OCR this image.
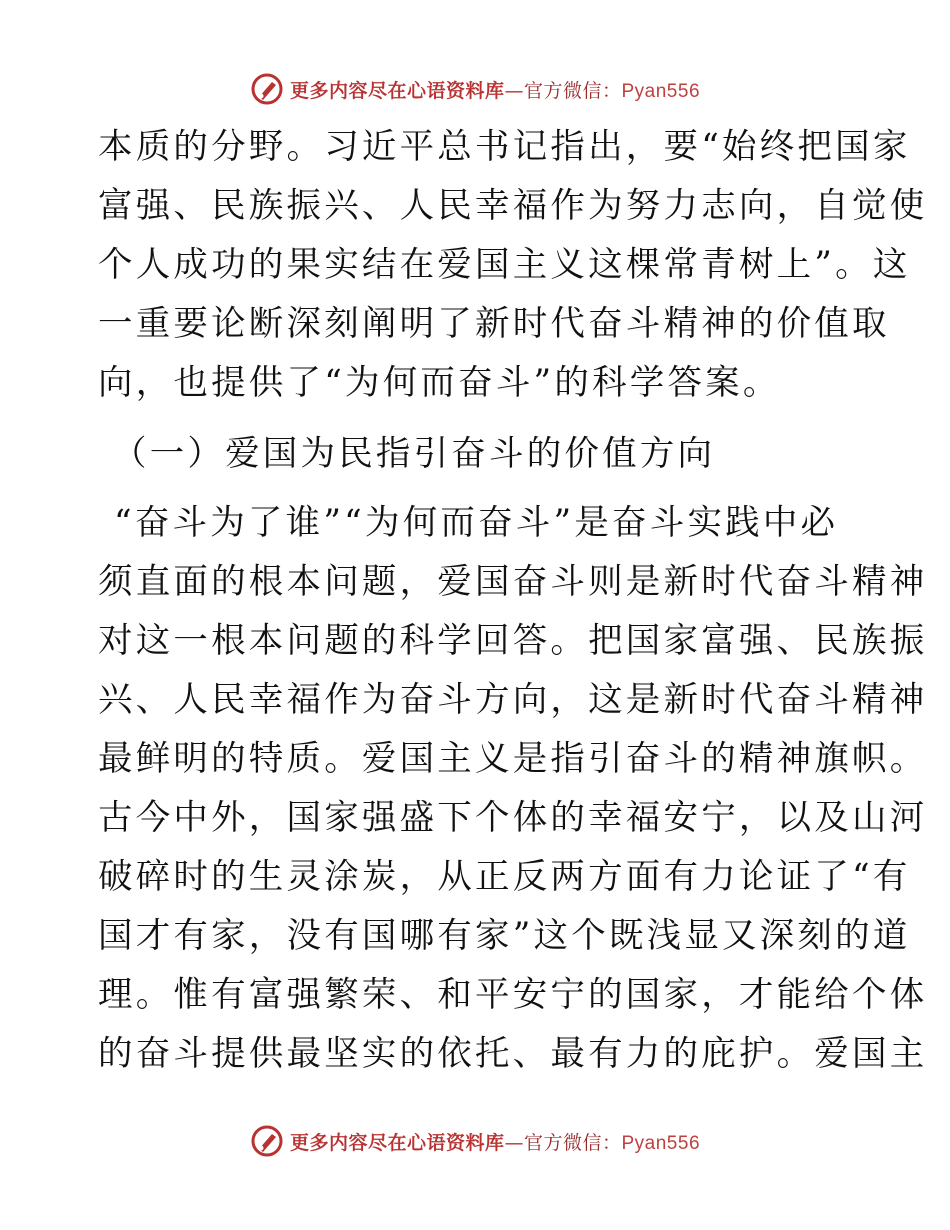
更多内容尽在心语资料库—官方微信：Pyan556
本质的分野。习近平总书记指出，要“始终把国家
富强、民族振兴、人民幸福作为努力志向，自觉使
个人成功的果实结在爱国主义这棵常青树上”。这
一重要论断深刻阐明了新时代奋斗精神的价值取
向，也提供了“为何而奋斗”的科学答案。
（一）爱国为民指引奋斗的价值方向
“奋斗为了谁”“为何而奋斗”是奋斗实践中必
须直面的根本问题，爱国奋斗则是新时代奋斗精神
对这一根本问题的科学回答。把国家富强、民族振
兴、人民幸福作为奋斗方向，这是新时代奋斗精神
最鲜明的特质。爱国主义是指引奋斗的精神旗帜。
古今中外，国家强盛下个体的幸福安宁，以及山河
破碎时的生灵涂炭，从正反两方面有力论证了“有
国才有家，没有国哪有家”这个既浅显又深刻的道
理。惟有富强繁荣、和平安宁的国家，才能给个体
的奋斗提供最坚实的依托、最有力的庇护。爱国主
更多内容尽在心语资料库—官方微信：Pyan556
